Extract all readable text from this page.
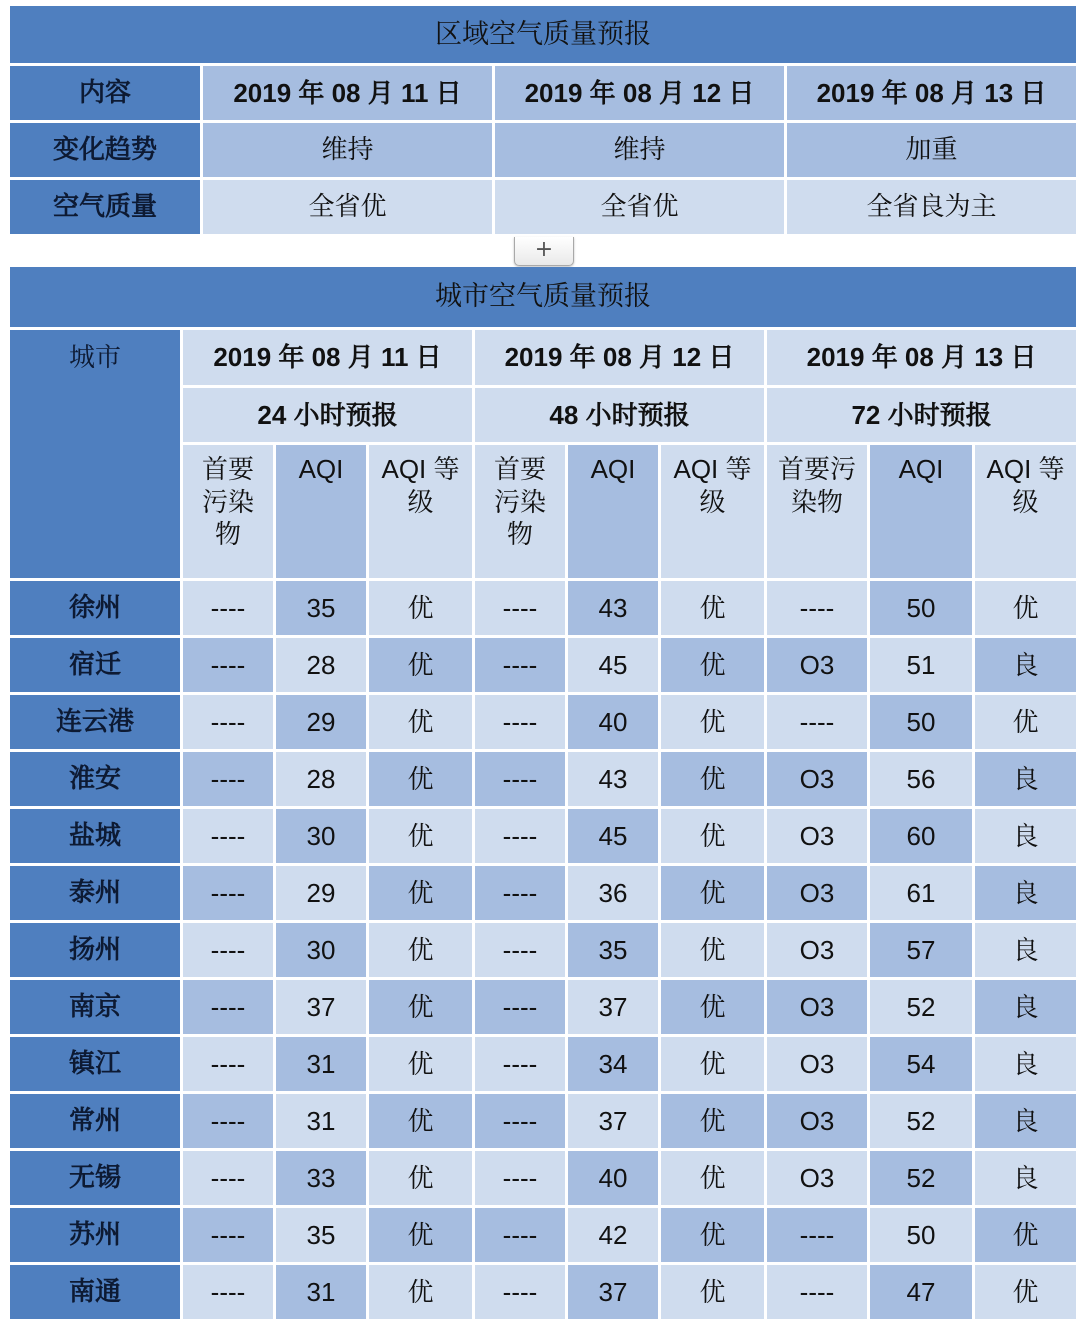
区域空气质量预报			
内容	2019 年 08 月 11 日	2019 年 08 月 12 日	2019 年 08 月 13 日
变化趋势	维持	维持	加重
空气质量	全省优	全省优	全省良为主
+
城市空气质量预报									
城市	2019 年 08 月 11 日			2019 年 08 月 12 日			2019 年 08 月 13 日		
	24 小时预报			48 小时预报			72 小时预报		
	首要
污染
物	AQI	AQI 等
级	首要
污染
物	AQI	AQI 等
级	首要污
染物	AQI	AQI 等
级
徐州	----	35	优	----	43	优	----	50	优
宿迁	----	28	优	----	45	优	O3	51	良
连云港	----	29	优	----	40	优	----	50	优
淮安	----	28	优	----	43	优	O3	56	良
盐城	----	30	优	----	45	优	O3	60	良
泰州	----	29	优	----	36	优	O3	61	良
扬州	----	30	优	----	35	优	O3	57	良
南京	----	37	优	----	37	优	O3	52	良
镇江	----	31	优	----	34	优	O3	54	良
常州	----	31	优	----	37	优	O3	52	良
无锡	----	33	优	----	40	优	O3	52	良
苏州	----	35	优	----	42	优	----	50	优
南通	----	31	优	----	37	优	----	47	优
